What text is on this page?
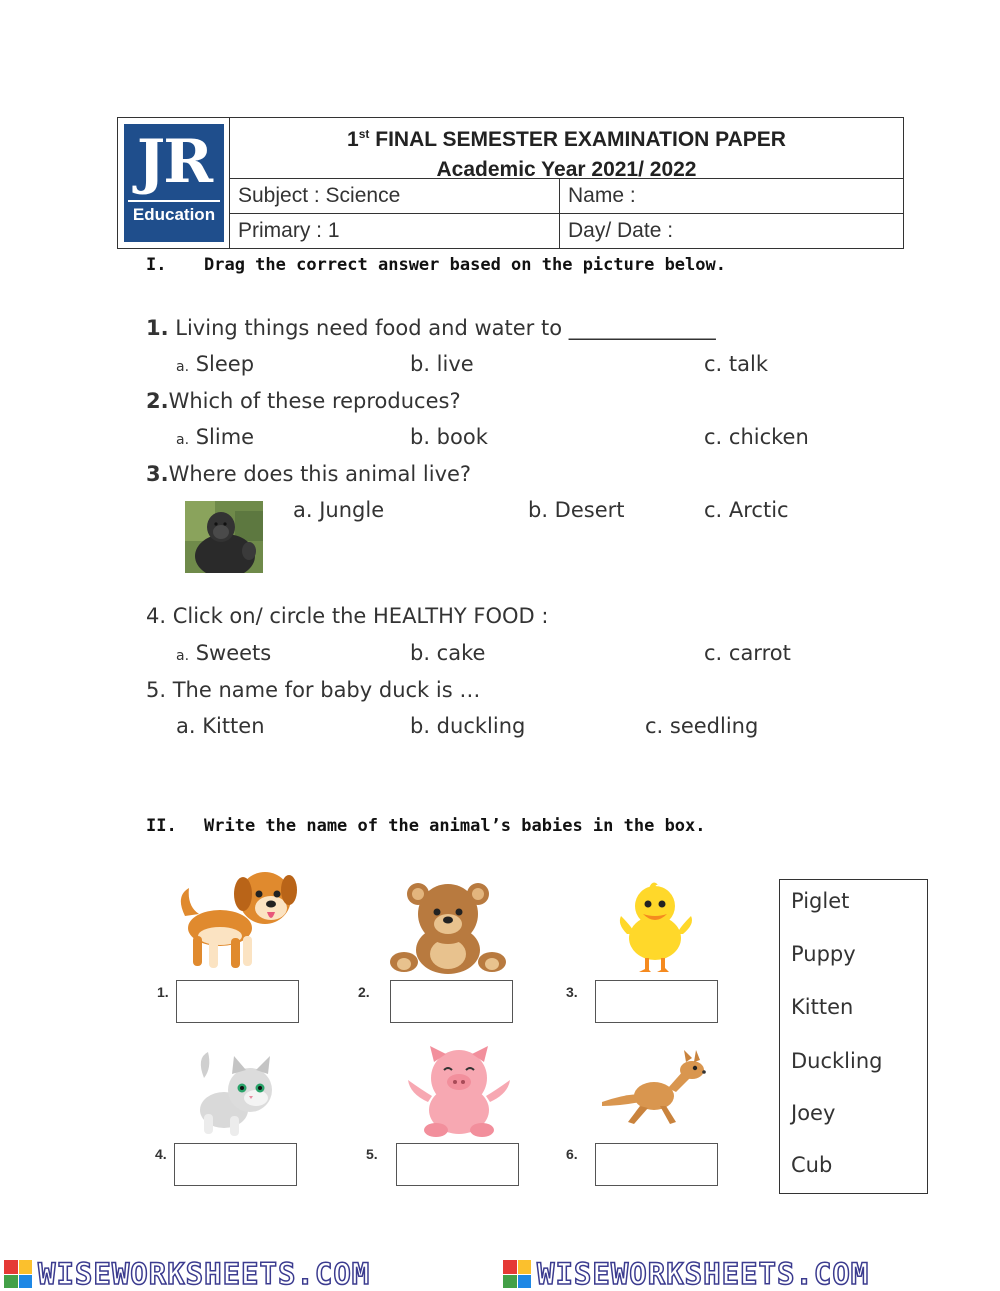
JR
Education
1st FINAL SEMESTER EXAMINATION PAPER
Academic Year 2021/ 2022
Subject : Science	Name :
Primary : 1	Day/ Date :
I. Drag the correct answer based on the picture below.
1. Living things need food and water to ______________
a. Sleep	b. live	c. talk
2.Which of these reproduces?
a. Slime	b. book	c. chicken
3.Where does this animal live?
a. Jungle	b. Desert	c. Arctic
4. Click on/ circle the HEALTHY FOOD :
a. Sweets	b. cake	c. carrot
5. The name for baby duck is …
a. Kitten	b. duckling	c. seedling
II. Write the name of the animal’s babies in the box.
1.	2.	3.
4.	5.	6.
Piglet
Puppy
Kitten
Duckling
Joey
Cub
WISEWORKSHEETS.COM	WISEWORKSHEETS.COM
